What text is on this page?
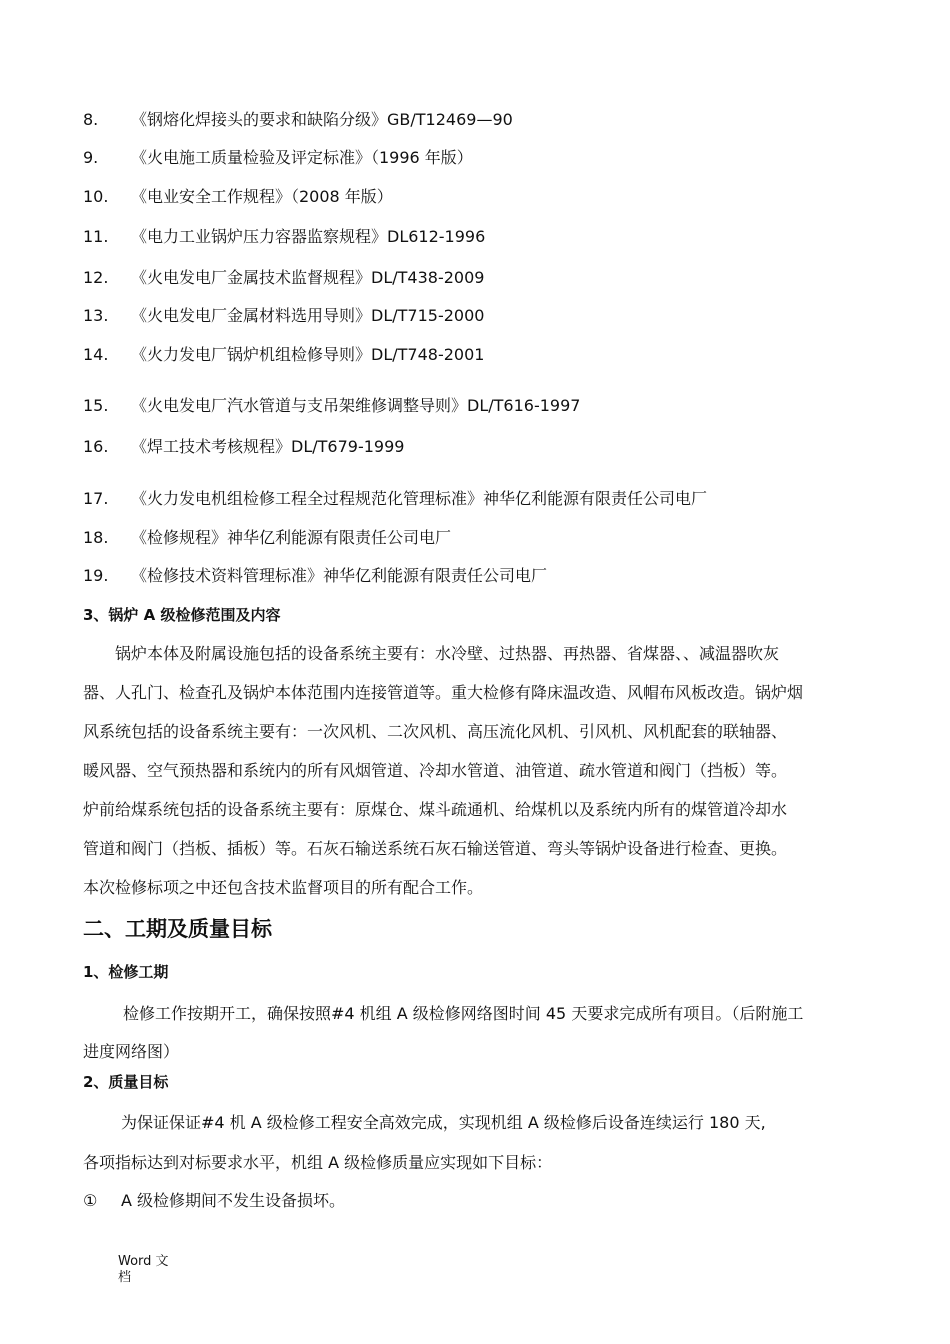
8. 《钢熔化焊接头的要求和缺陷分级》GB/T12469—90
9. 《火电施工质量检验及评定标准》（1996 年版）
10. 《电业安全工作规程》（2008 年版）
11. 《电力工业锅炉压力容器监察规程》DL612-1996
12. 《火电发电厂金属技术监督规程》DL/T438-2009
13. 《火电发电厂金属材料选用导则》DL/T715-2000
14. 《火力发电厂锅炉机组检修导则》DL/T748-2001
15. 《火电发电厂汽水管道与支吊架维修调整导则》DL/T616-1997
16. 《焊工技术考核规程》DL/T679-1999
17. 《火力发电机组检修工程全过程规范化管理标准》神华亿利能源有限责任公司电厂
18. 《检修规程》神华亿利能源有限责任公司电厂
19. 《检修技术资料管理标准》神华亿利能源有限责任公司电厂
3、锅炉 A 级检修范围及内容
锅炉本体及附属设施包括的设备系统主要有：水冷壁、过热器、再热器、省煤器、、减温器吹灰
器、人孔门、检查孔及锅炉本体范围内连接管道等。重大检修有降床温改造、风帽布风板改造。锅炉烟
风系统包括的设备系统主要有：一次风机、二次风机、高压流化风机、引风机、风机配套的联轴器、
暖风器、空气预热器和系统内的所有风烟管道、冷却水管道、油管道、疏水管道和阀门（挡板）等。
炉前给煤系统包括的设备系统主要有：原煤仓、煤斗疏通机、给煤机以及系统内所有的煤管道冷却水
管道和阀门（挡板、插板）等。石灰石输送系统石灰石输送管道、弯头等锅炉设备进行检查、更换。
本次检修标项之中还包含技术监督项目的所有配合工作。
二、工期及质量目标
1、检修工期
检修工作按期开工，确保按照#4 机组 A 级检修网络图时间 45 天要求完成所有项目。（后附施工
进度网络图）
2、质量目标
为保证保证#4 机 A 级检修工程安全高效完成，实现机组 A 级检修后设备连续运行 180 天,
各项指标达到对标要求水平，机组 A 级检修质量应实现如下目标：
① A 级检修期间不发生设备损坏。
Word 文
档
